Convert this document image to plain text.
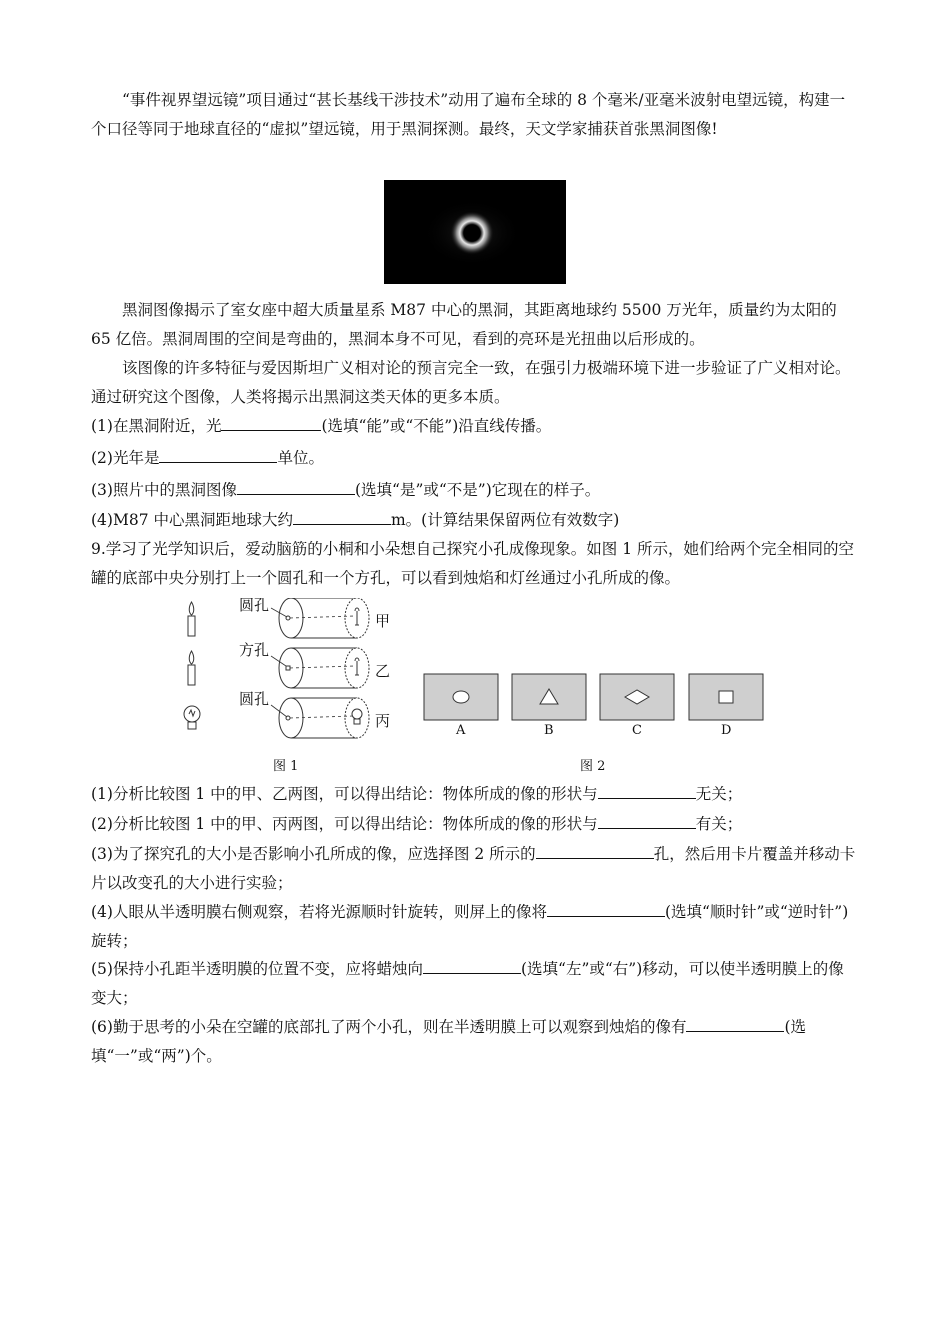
“事件视界望远镜”项目通过“甚长基线干涉技术”动用了遍布全球的 8 个毫米/亚毫米波射电望远镜，构建一个口径等同于地球直径的“虚拟”望远镜，用于黑洞探测。最终，天文学家捕获首张黑洞图像!

黑洞图像揭示了室女座中超大质量星系 M87 中心的黑洞，其距离地球约 5500 万光年，质量约为太阳的 65 亿倍。黑洞周围的空间是弯曲的，黑洞本身不可见，看到的亮环是光扭曲以后形成的。

该图像的许多特征与爱因斯坦广义相对论的预言完全一致，在强引力极端环境下进一步验证了广义相对论。通过研究这个图像，人类将揭示出黑洞这类天体的更多本质。

(1)在黑洞附近，光	(选填“能”或“不能”)沿直线传播。

(2)光年是	单位。

(3)照片中的黑洞图像	(选填“是”或“不是”)它现在的样子。

(4)M87 中心黑洞距地球大约	m。(计算结果保留两位有效数字)

9.学习了光学知识后，爱动脑筋的小桐和小朵想自己探究小孔成像现象。如图 1 所示，她们给两个完全相同的空罐的底部中央分别打上一个圆孔和一个方孔，可以看到烛焰和灯丝通过小孔所成的像。

圆孔
方孔
圆孔
甲
乙
丙
图 1	图 2
A	B	C	D

(1)分析比较图 1 中的甲、乙两图，可以得出结论：物体所成的像的形状与	无关；

(2)分析比较图 1 中的甲、丙两图，可以得出结论：物体所成的像的形状与	有关；

(3)为了探究孔的大小是否影响小孔所成的像，应选择图 2 所示的	孔，然后用卡片覆盖并移动卡片以改变孔的大小进行实验；

(4)人眼从半透明膜右侧观察，若将光源顺时针旋转，则屏上的像将	(选填“顺时针”或“逆时针”)旋转；

(5)保持小孔距半透明膜的位置不变，应将蜡烛向	(选填“左”或“右”)移动，可以使半透明膜上的像变大；

(6)勤于思考的小朵在空罐的底部扎了两个小孔，则在半透明膜上可以观察到烛焰的像有	(选填“一”或“两”)个。
